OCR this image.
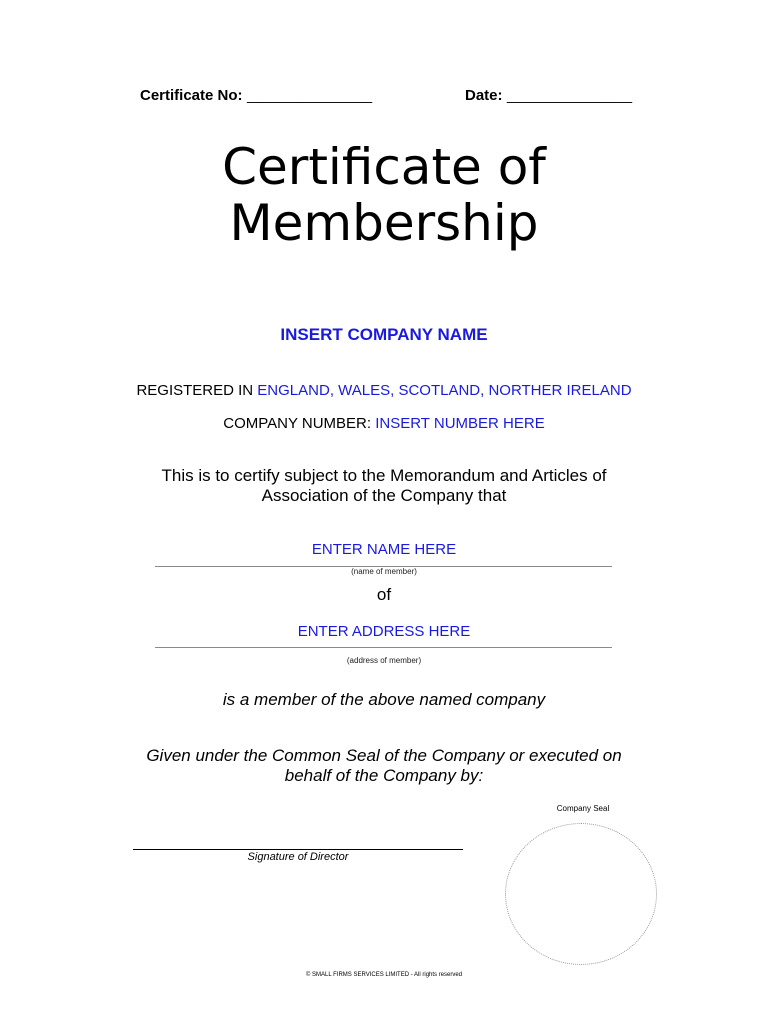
Certificate No: _______________	Date: _______________
Certificate of
Membership
INSERT COMPANY NAME
REGISTERED IN ENGLAND, WALES, SCOTLAND, NORTHER IRELAND
COMPANY NUMBER: INSERT NUMBER HERE
This is to certify subject to the Memorandum and Articles of
Association of the Company that
ENTER NAME HERE
(name of member)
of
ENTER ADDRESS HERE
(address of member)
is a member of the above named company
Given under the Common Seal of the Company or executed on
behalf of the Company by:
Company Seal
Signature of Director
© SMALL FIRMS SERVICES LIMITED - All rights reserved
